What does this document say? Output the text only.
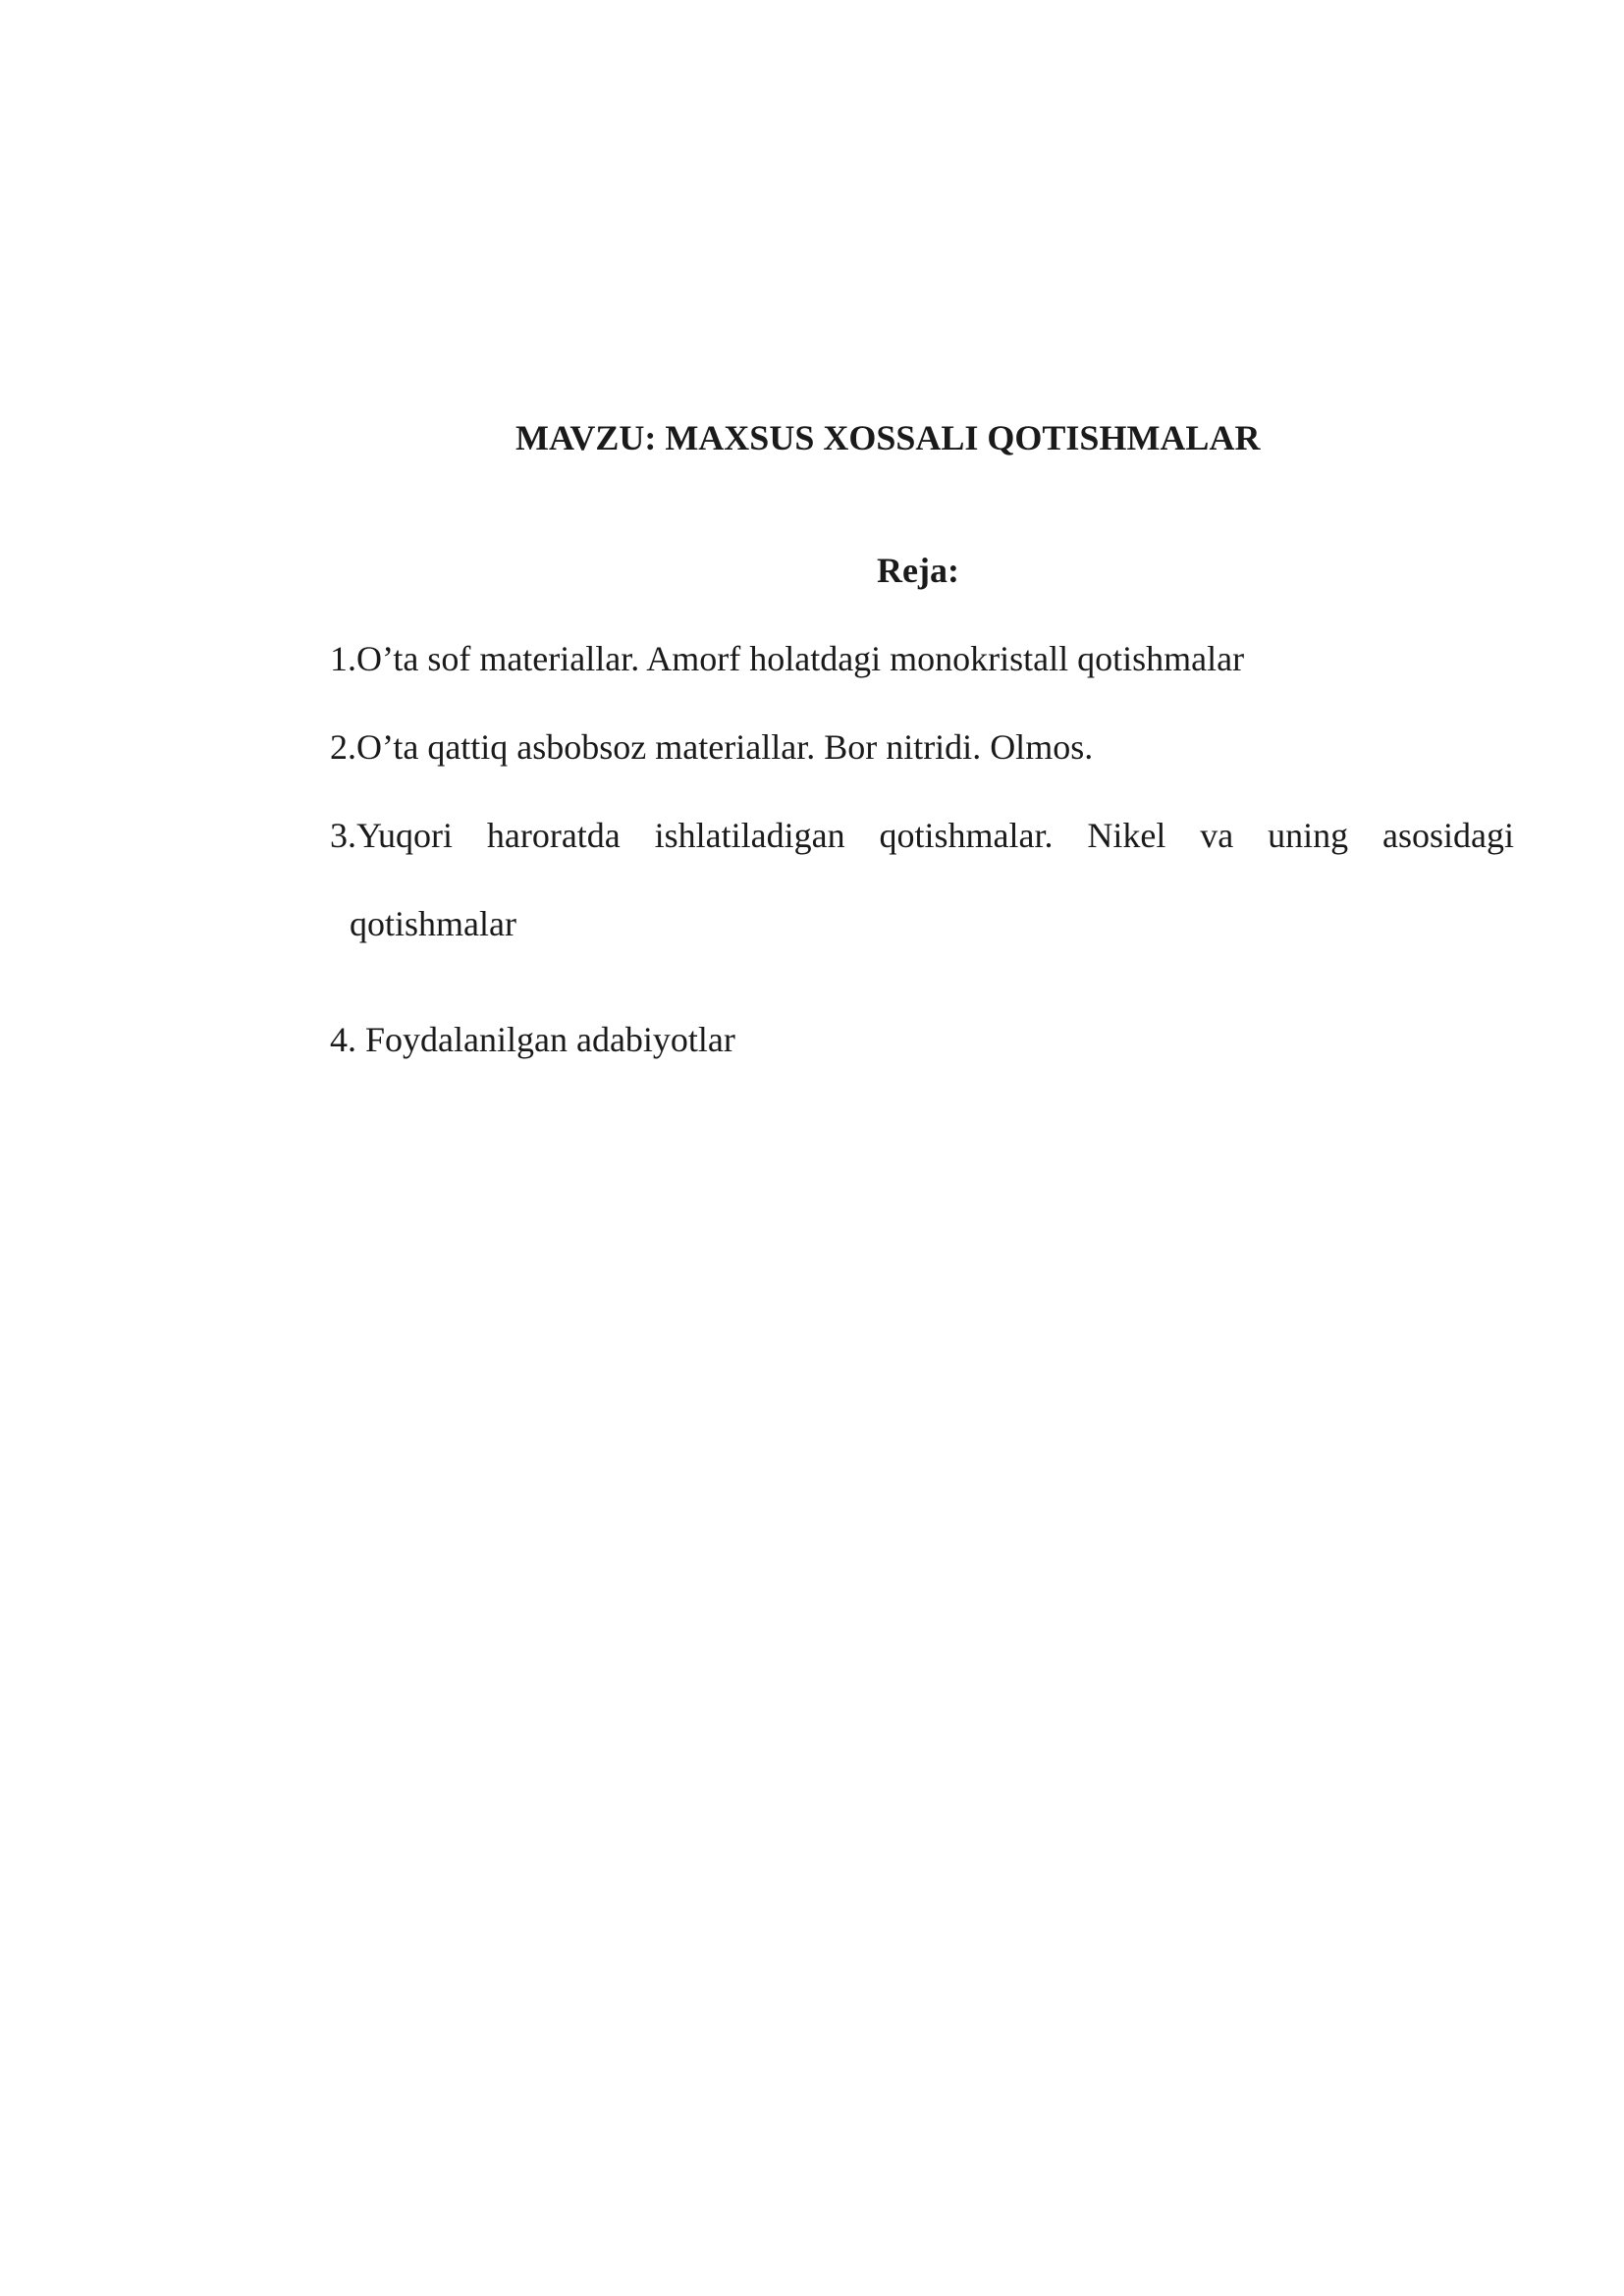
MAVZU: MAXSUS XOSSALI QOTISHMALAR
Reja:
1.O’ta sof materiallar. Amorf holatdagi monokristall qotishmalar
2.O’ta qattiq asbobsoz materiallar. Bor nitridi. Olmos.
3.Yuqori haroratda ishlatiladigan qotishmalar. Nikel va uning asosidagi
qotishmalar
4. Foydalanilgan adabiyotlar
